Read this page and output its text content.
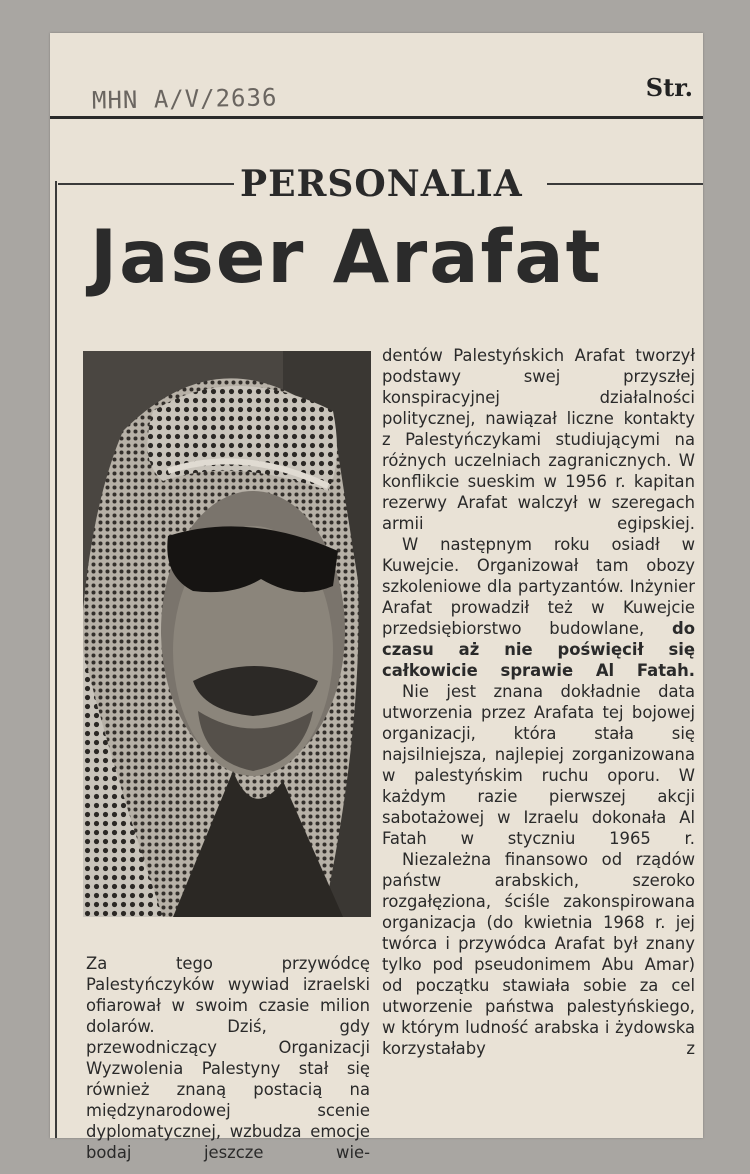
MHN A/V/2636	Str.

PERSONALIA
Jaser Arafat

Za tego przywódcę Palestyńczyków wywiad izraelski ofiarował w swoim czasie milion dolarów. Dziś, gdy przewodniczący Organizacji Wyzwolenia Palestyny stał się również znaną postacią na międzynarodowej scenie dyplomatycznej, wzbudza emocje bodaj jeszcze wie-

dentów Palestyńskich Arafat tworzył podstawy swej przyszłej konspiracyjnej działalności politycznej, nawiązał liczne kontakty z Palestyńczykami studiującymi na różnych uczelniach zagranicznych. W konflikcie sueskim w 1956 r. kapitan rezerwy Arafat walczył w szeregach armii egipskiej.

W następnym roku osiadł w Kuwejcie. Organizował tam obozy szkoleniowe dla partyzantów. Inżynier Arafat prowadził też w Kuwejcie przedsiębiorstwo budowlane, do czasu aż nie poświęcił się całkowicie sprawie Al Fatah.

Nie jest znana dokładnie data utworzenia przez Arafata tej bojowej organizacji, która stała się najsilniejsza, najlepiej zorganizowana w palestyńskim ruchu oporu. W każdym razie pierwszej akcji sabotażowej w Izraelu dokonała Al Fatah w styczniu 1965 r.

Niezależna finansowo od rządów państw arabskich, szeroko rozgałęziona, ściśle zakonspirowana organizacja (do kwietnia 1968 r. jej twórca i przywódca Arafat był znany tylko pod pseudonimem Abu Amar) od początku stawiała sobie za cel utworzenie państwa palestyńskiego, w którym ludność arabska i żydowska korzystałaby z
